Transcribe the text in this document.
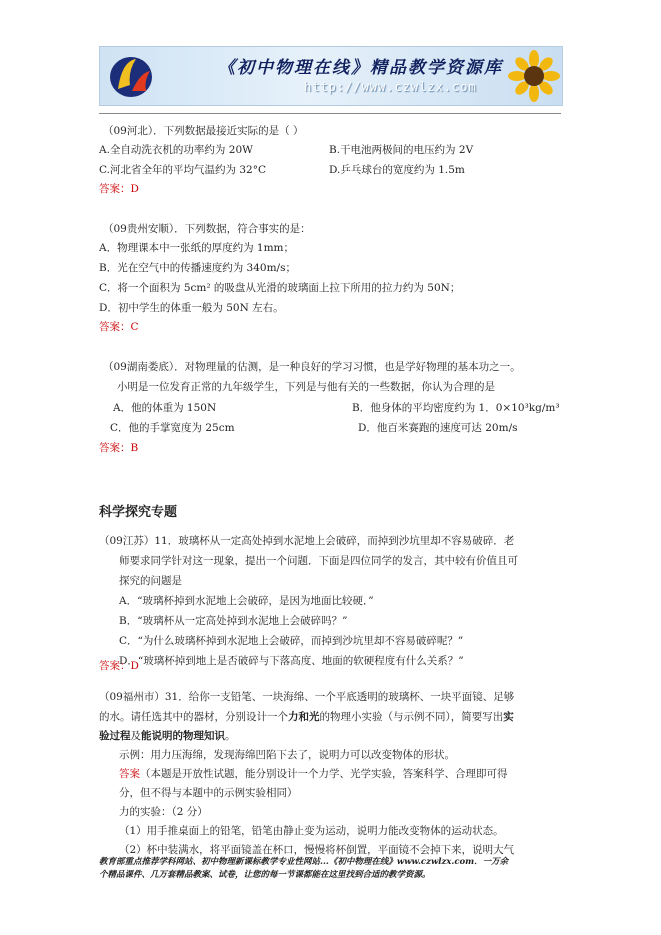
《初中物理在线》精品教学资源库
http://www.czwlzx.com
（09河北）．下列数据最接近实际的是（ ）
A.全自动洗衣机的功率约为 20W	B.干电池两极间的电压约为 2V
C.河北省全年的平均气温约为 32°C	D.乒乓球台的宽度约为 1.5m
答案：D
（09贵州安顺）．下列数据，符合事实的是：
A．物理课本中一张纸的厚度约为 1mm；
B．光在空气中的传播速度约为 340m/s；
C．将一个面积为 5cm² 的吸盘从光滑的玻璃面上拉下所用的拉力约为 50N；
D．初中学生的体重一般为 50N 左右。
答案：C
（09湖南娄底）．对物理量的估测，是一种良好的学习习惯，也是学好物理的基本功之一。
小明是一位发育正常的九年级学生，下列是与他有关的一些数据，你认为合理的是
A．他的体重为 150N	B．他身体的平均密度约为 1．0×10³kg/m³
C．他的手掌宽度为 25cm	D．他百米赛跑的速度可达 20m/s
答案：B
科学探究专题
（09江苏）11．玻璃杯从一定高处掉到水泥地上会破碎，而掉到沙坑里却不容易破碎．老
师要求同学针对这一现象，提出一个问题．下面是四位同学的发言，其中较有价值且可
探究的问题是
A．“玻璃杯掉到水泥地上会破碎，是因为地面比较硬．”
B．“玻璃杯从一定高处掉到水泥地上会破碎吗？”
C．“为什么玻璃杯掉到水泥地上会破碎，而掉到沙坑里却不容易破碎呢？”
D．“玻璃杯掉到地上是否破碎与下落高度、地面的软硬程度有什么关系？”
答案：D
（09福州市）31．给你一支铅笔、一块海绵、一个平底透明的玻璃杯、一块平面镜、足够
的水。请任选其中的器材，分别设计一个力和光的物理小实验（与示例不同），简要写出实
验过程及能说明的物理知识。
示例：用力压海绵，发现海绵凹陷下去了，说明力可以改变物体的形状。
答案（本题是开放性试题，能分别设计一个力学、光学实验，答案科学、合理即可得
分，但不得与本题中的示例实验相同）
力的实验：（2 分）
（1）用手推桌面上的铅笔，铅笔由静止变为运动，说明力能改变物体的运动状态。
（2）杯中装满水，将平面镜盖在杯口，慢慢将杯倒置，平面镜不会掉下来，说明大气
教育部重点推荐学科网站、初中物理新课标教学专业性网站...《初中物理在线》www.czwlzx.com．一万余
个精品课件、几万套精品教案、试卷，让您的每一节课都能在这里找到合适的教学资源。
